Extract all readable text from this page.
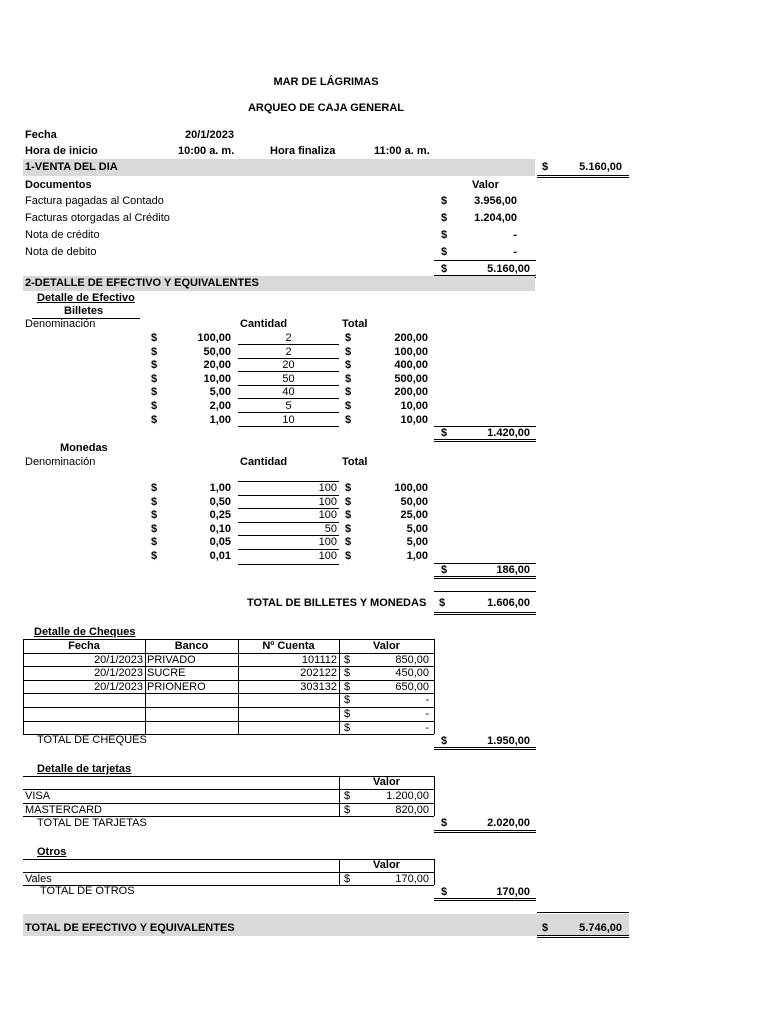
MAR DE LÁGRIMAS
ARQUEO DE CAJA GENERAL
Fecha	20/1/2023
Hora de inicio	10:00 a. m.	Hora finaliza	11:00 a. m.
1-VENTA DEL DIA	$	5.160,00
Documentos	Valor
Factura pagadas al Contado	$	3.956,00
Facturas otorgadas al Crédito	$	1.204,00
Nota de crédito	$	-
Nota de debito	$	-
$	5.160,00
2-DETALLE DE EFECTIVO Y EQUIVALENTES
Detalle de Efectivo
Billetes
Denominación	Cantidad	Total
$	100,00	2	$	200,00
$	50,00	2	$	100,00
$	20,00	20	$	400,00
$	10,00	50	$	500,00
$	5,00	40	$	200,00
$	2,00	5	$	10,00
$	1,00	10	$	10,00
$	1.420,00
Monedas
Denominación	Cantidad	Total
$	1,00	100 $	100,00
$	0,50	100 $	50,00
$	0,25	100 $	25,00
$	0,10	50 $	5,00
$	0,05	100 $	5,00
$	0,01	100 $	1,00
$	186,00
TOTAL DE BILLETES Y MONEDAS $	1.606,00
Detalle de Cheques
Fecha	Banco	Nº Cuenta	Valor
20/1/2023 PRIVADO	101112 $	850,00
20/1/2023 SUCRE	202122 $	450,00
20/1/2023 PRIONERO	303132 $	650,00
$	-
$	-
$	-
TOTAL DE CHEQUES	$	1.950,00
Detalle de tarjetas
Valor
VISA	$	1.200,00
MASTERCARD	$	820,00
TOTAL DE TARJETAS	$	2.020,00
Otros
Valor
Vales	$	170,00
TOTAL DE OTROS	$	170,00
TOTAL DE EFECTIVO Y EQUIVALENTES	$	5.746,00
